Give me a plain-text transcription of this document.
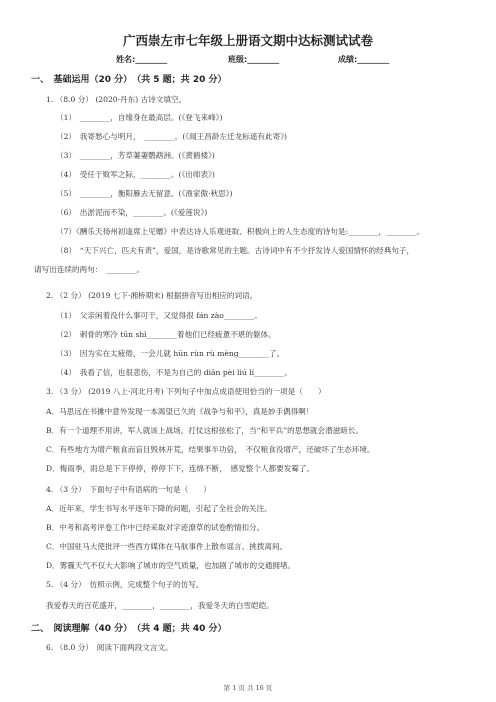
广西崇左市七年级上册语文期中达标测试试卷
姓名:________	班级:________	成绩:________
一、　基础运用（20 分）　（共 5 题；共 20 分）
1. （8.0 分） (2020·丹东) 古诗文填空。
（1）　________，自缘身在最高层。(《登飞来峰》)
（2）　我寄愁心与明月，　________。(《闻王昌龄左迁龙标遥有此寄》)
（3）　________，芳草萋萋鹦鹉洲。(《黄鹤楼》)
（4）　受任于败军之际，________。(《出师表》)
（5）　________，衡阳雁去无留意。(《渔家傲·秋思》)
（6）　出淤泥而不染，________。(《爱莲说》)
（7）《酬乐天扬州初逢席上见赠》中表达诗人乐观进取、积极向上的人生态度的诗句是:________，________。
（8）　“天下兴亡，匹夫有责”，爱国，是诗歌常见的主题。古诗词中有不少抒发诗人爱国情怀的经典句子，
请写出连续的两句：　________。
2. （2 分） (2019 七下·湘桥期末) 根据拼音写出相应的词语。
（1）　父亲闲着没什么事可干，又觉得很 fán zào________。
（2）　刺骨的寒冷 tūn shì________着他们已经疲惫不堪的躯体。
（3）　因为实在太疲倦，一会儿就 hūn rùn rù mèng________了。
（4）　我看了信，也很悲伤，不是为自己的 diān pèi liú lí________。
3. （3 分） (2019 八上·河北月考) 下列句子中加点成语使用恰当的一项是（　　）
A．马思远在书摊中意外发现一本渴望已久的《战争与和平》，真是妙手偶得啊！
B．有一个道理不用讲，军人就该上战场。打仗这根弦松了，当“和平兵”的思想就会潜滋暗长。
C．有些地方为增产粮食而盲目毁林开荒，结果事半功倍，　不仅粮食没增产，还破坏了生态环境。
D．梅雨季，雨总是下下停停，停停下下，连绵不断，　感觉整个人都要发霉了。
4. （3 分）　下面句子中有语病的一句是（　　）
A．近年来，学生书写水平逐年下降的问题，引起了全社会的关注。
B．中考和高考评卷工作中已经采取对字迹潦草的试卷酌情扣分。
C．中国驻马大使批评一些西方媒体在马航事件上散布谣言、挑拨离间。
D．雾霾天气不仅大大影响了城市的空气质量，也加剧了城市的交通拥堵。
5. （4 分）　仿照示例，完成整个句子的仿写。
我爱春天的百花盛开，________，________，我爱冬天的白雪皑皑。
二、　阅读理解（40 分）　（共 4 题；共 40 分）
6. （8.0 分）　阅读下面两段文言文。
第 1 页 共 16 页
